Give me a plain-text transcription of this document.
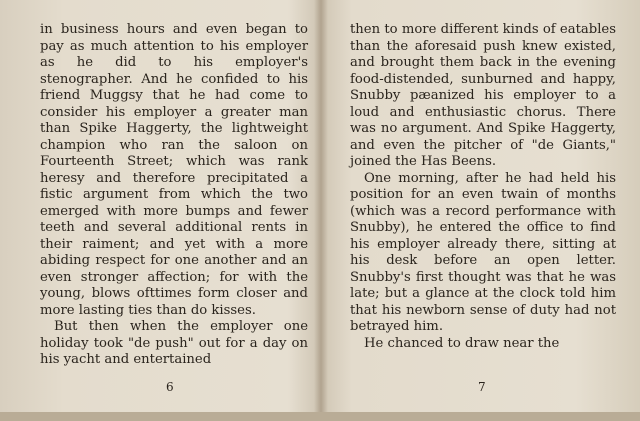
in business hours and even began to pay as much attention to his employer as he did to his employer's stenographer. And he confided to his friend Muggsy that he had come to consider his employer a greater man than Spike Haggerty, the lightweight champion who ran the saloon on Fourteenth Street; which was rank heresy and therefore precipitated a fistic argument from which the two emerged with more bumps and fewer teeth and several additional rents in their raiment; and yet with a more abiding respect for one another and an even stronger affection; for with the young, blows ofttimes form closer and more lasting ties than do kisses.

But then when the employer one holiday took "de push" out for a day on his yacht and entertained

6

then to more different kinds of eatables than the aforesaid push knew existed, and brought them back in the evening food-distended, sunburned and happy, Snubby pæanized his employer to a loud and enthusiastic chorus. There was no argument. And Spike Haggerty, and even the pitcher of "de Giants," joined the Has Beens.

One morning, after he had held his position for an even twain of months (which was a record performance with Snubby), he entered the office to find his employer already there, sitting at his desk before an open letter. Snubby's first thought was that he was late; but a glance at the clock told him that his newborn sense of duty had not betrayed him.

He chanced to draw near the

7
